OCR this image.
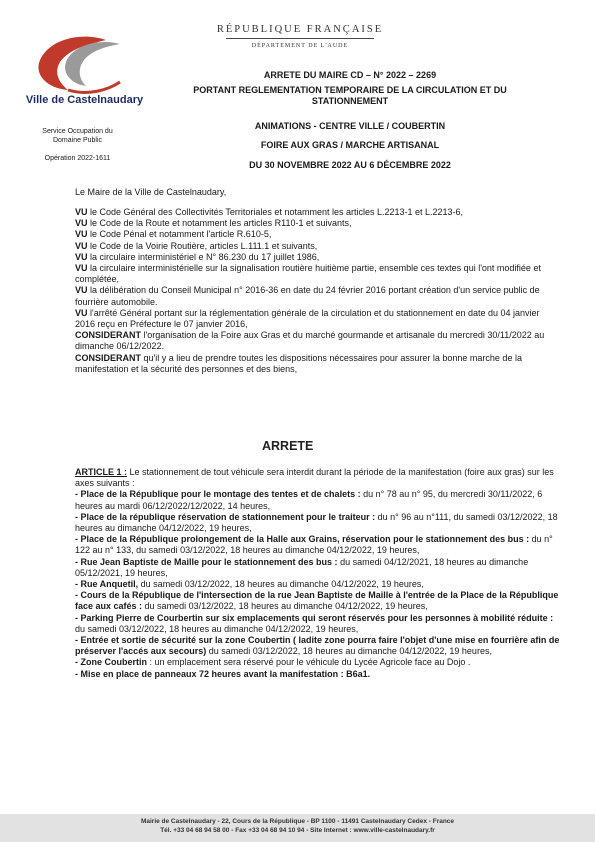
Ville de Castelnaudary
RÉPUBLIQUE FRANÇAISE
DÉPARTEMENT DE L'AUDE
Service Occupation du Domaine Public
Opération 2022-1611
ARRETE DU MAIRE CD – N° 2022 – 2269
PORTANT REGLEMENTATION TEMPORAIRE DE LA CIRCULATION ET DU STATIONNEMENT
ANIMATIONS - CENTRE VILLE / COUBERTIN
FOIRE AUX GRAS / MARCHE ARTISANAL
DU 30 NOVEMBRE 2022 AU 6 DÉCEMBRE 2022
Le Maire de la Ville de Castelnaudary,

VU le Code Général des Collectivités Territoriales et notamment les articles L.2213-1 et L.2213-6,

VU le Code de la Route et notamment les articles R110-1 et suivants,

VU le Code Pénal et notamment l'article R.610-5,

VU le Code de la Voirie Routière, articles L.111.1 et suivants,

VU la circulaire interministériel e N° 86.230 du 17 juillet 1986,

VU la circulaire interministérielle sur la signalisation routière huitième partie, ensemble ces textes qui l'ont modifiée et complétée,

VU la délibération du Conseil Municipal n° 2016-36 en date du 24 février 2016 portant création d'un service public de fourrière automobile.

VU l'arrêté Général portant sur la réglementation générale de la circulation et du stationnement en date du 04 janvier 2016 reçu en Préfecture le 07 janvier 2016,

CONSIDERANT l'organisation de la Foire aux Gras et du marché gourmande et artisanale du mercredi 30/11/2022 au dimanche 06/12/2022.

CONSIDERANT qu'il y a lieu de prendre toutes les dispositions nécessaires pour assurer la bonne marche de la manifestation et la sécurité des personnes et des biens,

ARRETE

ARTICLE 1 : Le stationnement de tout véhicule sera interdit durant la période de la manifestation (foire aux gras) sur les axes suivants :

- Place de la République pour le montage des tentes et de chalets : du n° 78 au n° 95, du mercredi 30/11/2022, 6 heures au mardi 06/12/2022/12/2022, 14 heures,

- Place de la république réservation de stationnement pour le traiteur : du n° 96 au n°111, du samedi 03/12/2022, 18 heures au dimanche 04/12/2022, 19 heures,

- Place de la République prolongement de la Halle aux Grains, réservation pour le stationnement des bus : du n° 122 au n° 133, du samedi 03/12/2022, 18 heures au dimanche 04/12/2022, 19 heures,

- Rue Jean Baptiste de Maille pour le stationnement des bus : du samedi 04/12/2021, 18 heures au dimanche 05/12/2021, 19 heures,

- Rue Anquetil, du samedi 03/12/2022, 18 heures au dimanche 04/12/2022, 19 heures,

- Cours de la République de l'intersection de la rue Jean Baptiste de Maille à l'entrée de la Place de la République face aux cafés : du samedi 03/12/2022, 18 heures au dimanche 04/12/2022, 19 heures,

- Parking Pierre de Courbertin sur six emplacements qui seront réservés pour les personnes à mobilité réduite : du samedi 03/12/2022, 18 heures au dimanche 04/12/2022, 19 heures,

- Entrée et sortie de sécurité sur la zone Coubertin ( ladite zone pourra faire l'objet d'une mise en fourrière afin de préserver l'accés aux secours) du samedi 03/12/2022, 18 heures au dimanche 04/12/2022, 19 heures,

- Zone Coubertin : un emplacement sera réservé pour le véhicule du Lycée Agricole face au Dojo .

- Mise en place de panneaux 72 heures avant la manifestation : B6a1.

Mairie de Castelnaudary - 22, Cours de la République - BP 1100 - 11491 Castelnaudary Cedex - France
Tél. +33 04 68 94 58 00 - Fax +33 04 68 94 10 94 - Site Internet : www.ville-castelnaudary.fr
